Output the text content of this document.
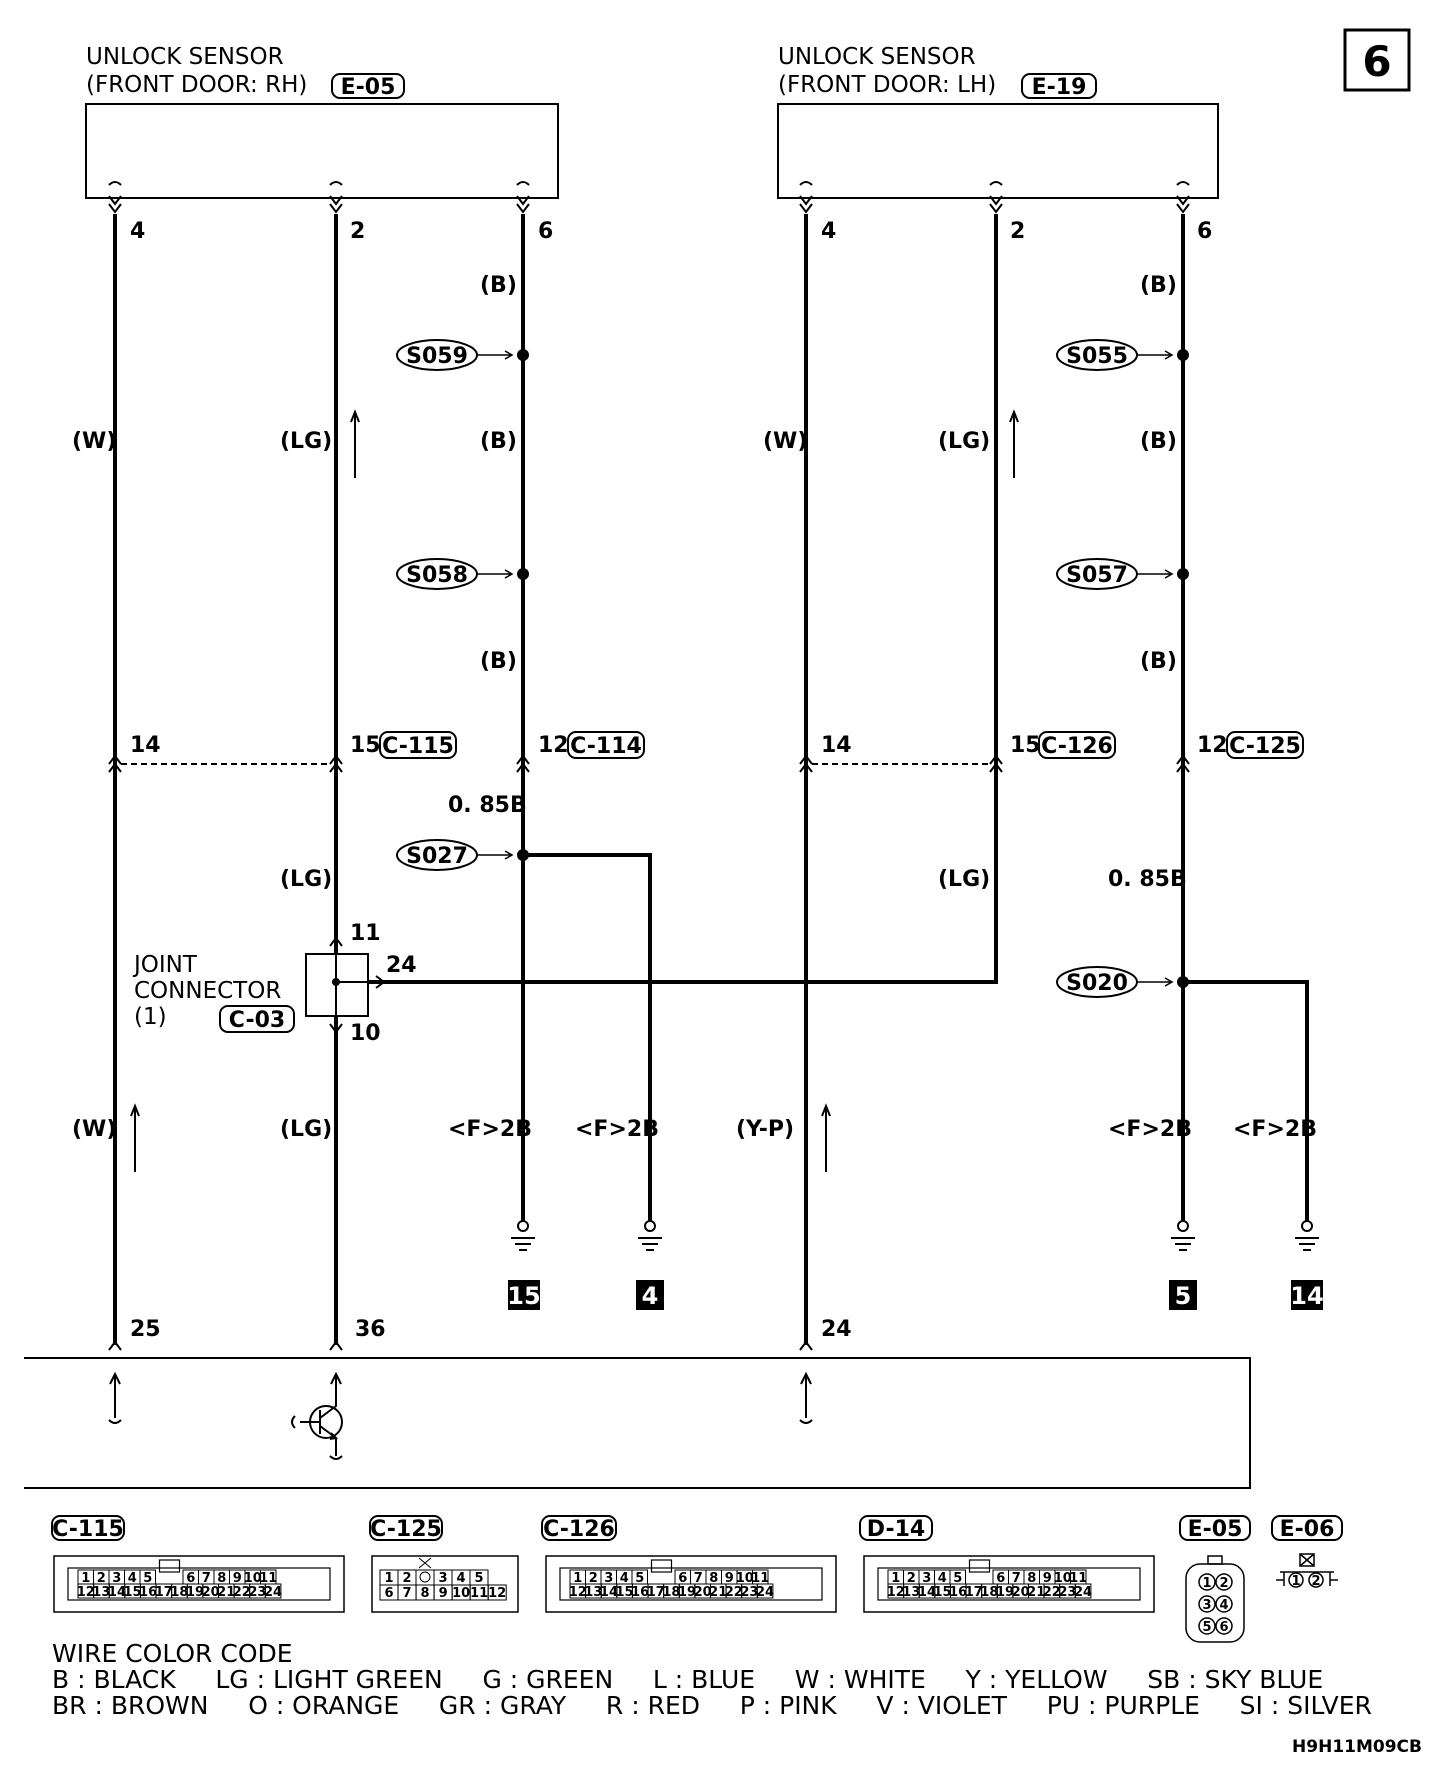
6
UNLOCK SENSOR
(FRONT DOOR: RH) E-05
UNLOCK SENSOR
(FRONT DOOR: LH) E-19
4	2	6	4	2	6
(B)
(B)
(B)
(W)	(LG)
(B)
(B)
(B)
(W)	(LG)
S059
S058
S027
S055
S057
S020
14	15 C-115	12 C-114	14	15 C-126	12 C-125
0. 85B
(LG)	(LG)	0. 85B
JOINT
CONNECTOR
(1)	C-03
11
24
10
(W)	(LG)	<F>2B <F>2B	(Y-P)	<F>2B <F>2B
15	4	5	14
25	36	24
C-115	C-125	C-126	D-14	E-05 E-06
1 2 3 4 5	6 7 8 9 10
11
12
13
14
15
16
17
18
19
20
21
22
23
24
1 2 3 4 5	6 7 8 9 10
11
12
13
14
15
16
17
18
19
20
21
22
23
24
1 2 3 4 5	6 7 8 9 10
11
12
13
14
15
16
17
18
19
20
21
22
23
24
1 2 3 4 5
6 7 8 9 10 11 12
1 2
3 4
5 6
1 2
WIRE COLOR CODE
B : BLACK     LG : LIGHT GREEN     G : GREEN     L : BLUE     W : WHITE     Y : YELLOW     SB : SKY BLUE
BR : BROWN     O : ORANGE     GR : GRAY     R : RED     P : PINK     V : VIOLET     PU : PURPLE     SI : SILVER
H9H11M09CB
